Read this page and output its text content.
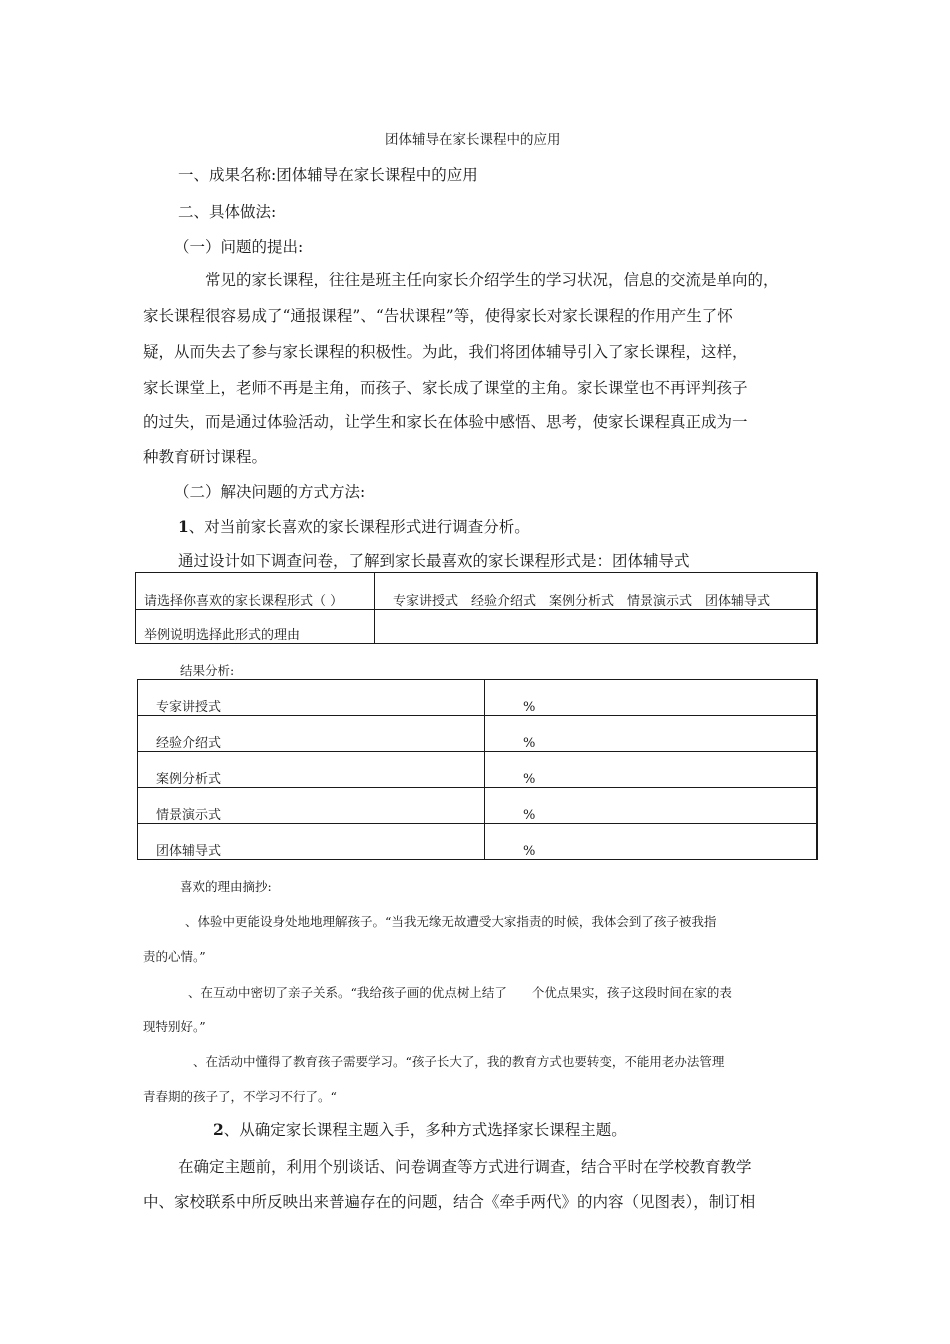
团体辅导在家长课程中的应用
一、成果名称:团体辅导在家长课程中的应用
二、具体做法:
（一）问题的提出:
常见的家长课程，往往是班主任向家长介绍学生的学习状况，信息的交流是单向的，
家长课程很容易成了“通报课程”、“告状课程”等，使得家长对家长课程的作用产生了怀
疑，从而失去了参与家长课程的积极性。为此，我们将团体辅导引入了家长课程，这样，
家长课堂上，老师不再是主角，而孩子、家长成了课堂的主角。家长课堂也不再评判孩子
的过失，而是通过体验活动，让学生和家长在体验中感悟、思考，使家长课程真正成为一
种教育研讨课程。
（二）解决问题的方式方法:
1、对当前家长喜欢的家长课程形式进行调查分析。
通过设计如下调查问卷，了解到家长最喜欢的家长课程形式是：团体辅导式
请选择你喜欢的家长课程形式（ ）	专家讲授式　经验介绍式　案例分析式　情景演示式　团体辅导式
举例说明选择此形式的理由	
结果分析:
专家讲授式	%
经验介绍式	%
案例分析式	%
情景演示式	%
团体辅导式	%
喜欢的理由摘抄:
、体验中更能设身处地地理解孩子。“当我无缘无故遭受大家指责的时候，我体会到了孩子被我指
责的心情。”
、在互动中密切了亲子关系。“我给孩子画的优点树上结了　　个优点果实，孩子这段时间在家的表
现特别好。”
、在活动中懂得了教育孩子需要学习。“孩子长大了，我的教育方式也要转变，不能用老办法管理
青春期的孩子了，不学习不行了。“
2、从确定家长课程主题入手，多种方式选择家长课程主题。
在确定主题前，利用个别谈话、问卷调查等方式进行调查，结合平时在学校教育教学
中、家校联系中所反映出来普遍存在的问题，结合《牵手两代》的内容（见图表），制订相
